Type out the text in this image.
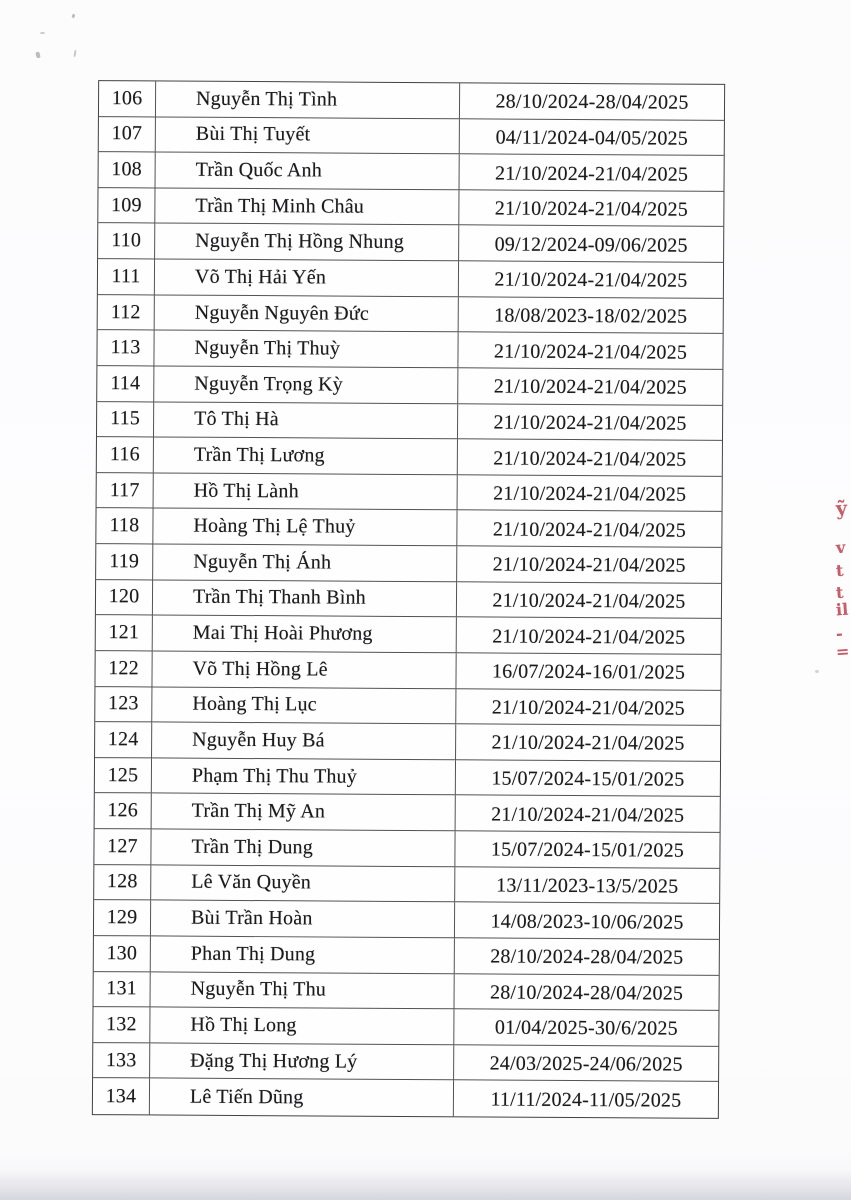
106	Nguyễn Thị Tình	28/10/2024-28/04/2025
107	Bùi Thị Tuyết	04/11/2024-04/05/2025
108	Trần Quốc Anh	21/10/2024-21/04/2025
109	Trần Thị Minh Châu	21/10/2024-21/04/2025
110	Nguyễn Thị Hồng Nhung	09/12/2024-09/06/2025
111	Võ Thị Hải Yến	21/10/2024-21/04/2025
112	Nguyễn Nguyên Đức	18/08/2023-18/02/2025
113	Nguyễn Thị Thuỳ	21/10/2024-21/04/2025
114	Nguyễn Trọng Kỳ	21/10/2024-21/04/2025
115	Tô Thị Hà	21/10/2024-21/04/2025
116	Trần Thị Lương	21/10/2024-21/04/2025
117	Hồ Thị Lành	21/10/2024-21/04/2025
118	Hoàng Thị Lệ Thuỷ	21/10/2024-21/04/2025
119	Nguyễn Thị Ánh	21/10/2024-21/04/2025
120	Trần Thị Thanh Bình	21/10/2024-21/04/2025
121	Mai Thị Hoài Phương	21/10/2024-21/04/2025
122	Võ Thị Hồng Lê	16/07/2024-16/01/2025
123	Hoàng Thị Lục	21/10/2024-21/04/2025
124	Nguyễn Huy Bá	21/10/2024-21/04/2025
125	Phạm Thị Thu Thuỷ	15/07/2024-15/01/2025
126	Trần Thị Mỹ An	21/10/2024-21/04/2025
127	Trần Thị Dung	15/07/2024-15/01/2025
128	Lê Văn Quyền	13/11/2023-13/5/2025
129	Bùi Trần Hoàn	14/08/2023-10/06/2025
130	Phan Thị Dung	28/10/2024-28/04/2025
131	Nguyễn Thị Thu	28/10/2024-28/04/2025
132	Hồ Thị Long	01/04/2025-30/6/2025
133	Đặng Thị Hương Lý	24/03/2025-24/06/2025
134	Lê Tiến Dũng	11/11/2024-11/05/2025
ỹ
v
t
t
il
-
=
